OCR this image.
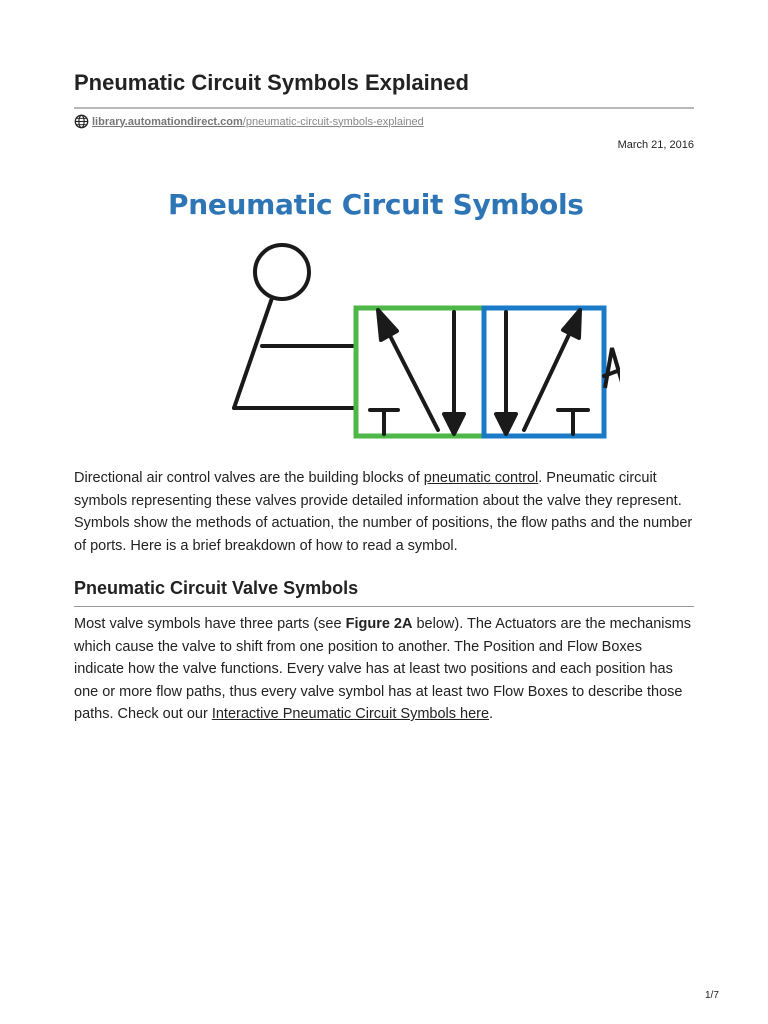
Pneumatic Circuit Symbols Explained
library.automationdirect.com/pneumatic-circuit-symbols-explained
March 21, 2016
Pneumatic Circuit Symbols

Directional air control valves are the building blocks of pneumatic control. Pneumatic circuit symbols representing these valves provide detailed information about the valve they represent. Symbols show the methods of actuation, the number of positions, the flow paths and the number of ports. Here is a brief breakdown of how to read a symbol.

Pneumatic Circuit Valve Symbols

Most valve symbols have three parts (see Figure 2A below). The Actuators are the mechanisms which cause the valve to shift from one position to another. The Position and Flow Boxes indicate how the valve functions. Every valve has at least two positions and each position has one or more flow paths, thus every valve symbol has at least two Flow Boxes to describe those paths. Check out our Interactive Pneumatic Circuit Symbols here.

1/7
